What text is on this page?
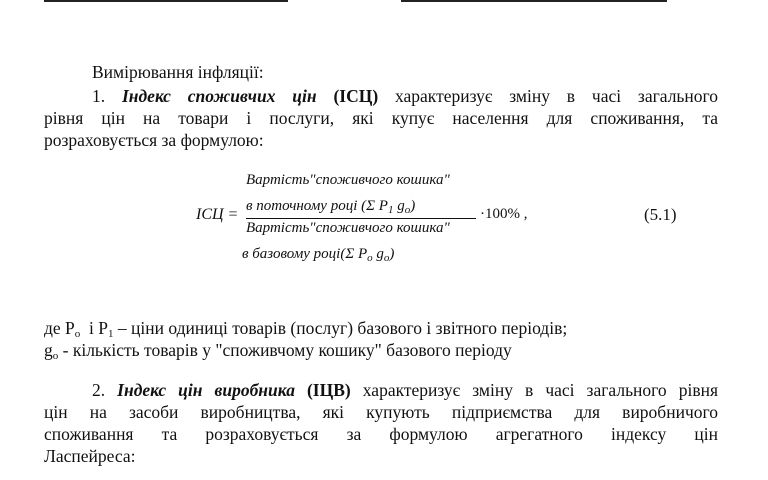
Вимірювання інфляції:
1. Індекс споживчих цін (ІСЦ) характеризує зміну в часі загального
рівня цін на товари і послуги, які купує населення для споживання, та
розраховується за формулою:
Вартість"споживчого кошика"
в поточному році (Σ $P_1$ $g_o$)
ІСЦ =
Вартість"споживчого кошика"
в базовому році(Σ $P_o$ $g_o$)
·100% ,	(5.1)
де $P_o$ і $P_1$ – ціни одиниці товарів (послуг) базового і звітного періодів;
$g_o$ - кількість товарів у "споживчому кошику" базового періоду
2. Індекс цін виробника (ІЦВ) характеризує зміну в часі загального рівня
цін на засоби виробництва, які купують підприємства для виробничого
споживання та розраховується за формулою агрегатного індексу цін
Ласпейреса:
